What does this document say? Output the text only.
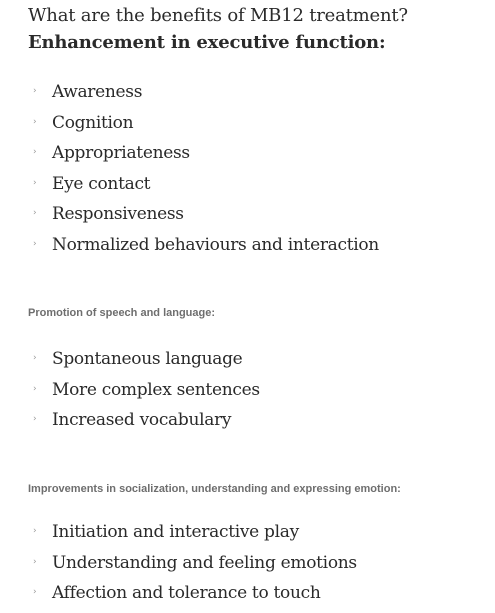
What are the benefits of MB12 treatment?
Enhancement in executive function:
› Awareness
› Cognition
› Appropriateness
› Eye contact
› Responsiveness
› Normalized behaviours and interaction
Promotion of speech and language:
› Spontaneous language
› More complex sentences
› Increased vocabulary
Improvements in socialization, understanding and expressing emotion:
› Initiation and interactive play
› Understanding and feeling emotions
› Affection and tolerance to touch
